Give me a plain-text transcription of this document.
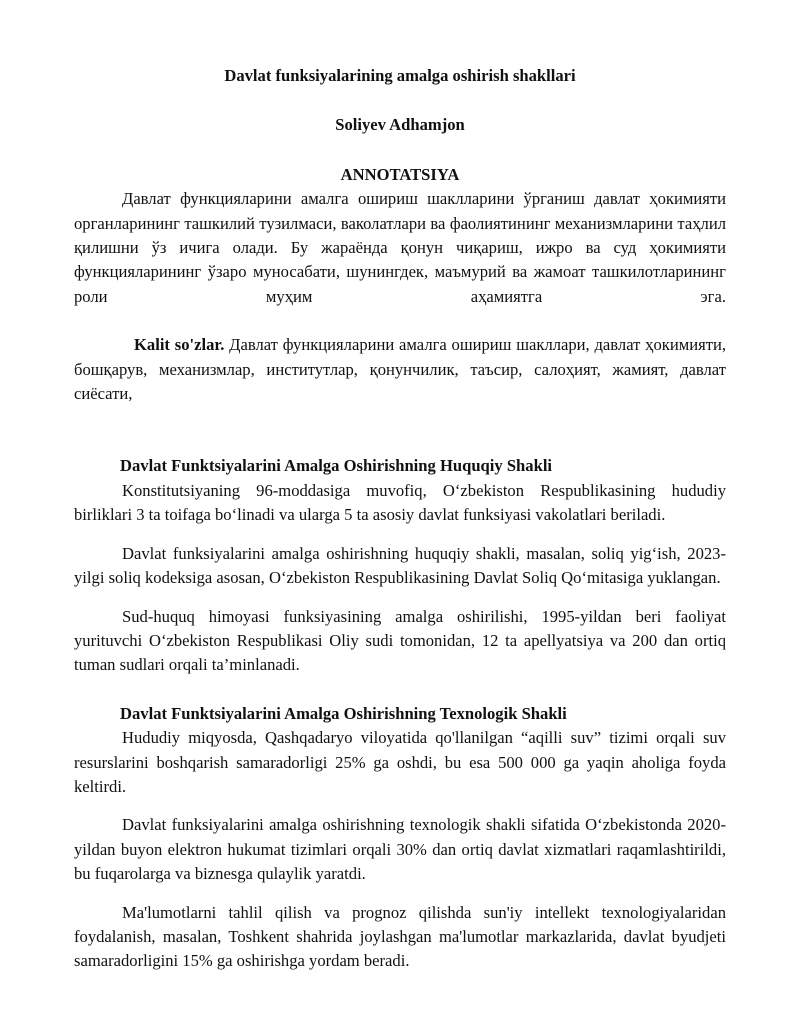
Davlat funksiyalarining amalga oshirish shakllari
Soliyev Adhamjon
ANNOTATSIYA

Давлат функцияларини амалга ошириш шаклларини ўрганиш давлат ҳокимияти органларининг ташкилий тузилмаси, ваколатлари ва фаолиятининг механизмларини таҳлил қилишни ўз ичига олади. Бу жараёнда қонун чиқариш, ижро ва суд ҳокимияти функцияларининг ўзаро муносабати, шунингдек, маъмурий ва жамоат ташкилотларининг роли муҳим аҳамиятга эга.

Kalit so'zlar. Давлат функцияларини амалга ошириш шакллари, давлат ҳокимияти, бошқарув, механизмлар, институтлар, қонунчилик, таъсир, салоҳият, жамият, давлат сиёсати,

Davlat Funktsiyalarini Amalga Oshirishning Huquqiy Shakli

Konstitutsiyaning 96-moddasiga muvofiq, O‘zbekiston Respublikasining hududiy birliklari 3 ta toifaga bo‘linadi va ularga 5 ta asosiy davlat funksiyasi vakolatlari beriladi.

Davlat funksiyalarini amalga oshirishning huquqiy shakli, masalan, soliq yig‘ish, 2023-yilgi soliq kodeksiga asosan, O‘zbekiston Respublikasining Davlat Soliq Qo‘mitasiga yuklangan.

Sud-huquq himoyasi funksiyasining amalga oshirilishi, 1995-yildan beri faoliyat yurituvchi O‘zbekiston Respublikasi Oliy sudi tomonidan, 12 ta apellyatsiya va 200 dan ortiq tuman sudlari orqali ta’minlanadi.

Davlat Funktsiyalarini Amalga Oshirishning Texnologik Shakli

Hududiy miqyosda, Qashqadaryo viloyatida qo'llanilgan “aqilli suv” tizimi orqali suv resurslarini boshqarish samaradorligi 25% ga oshdi, bu esa 500 000 ga yaqin aholiga foyda keltirdi.

Davlat funksiyalarini amalga oshirishning texnologik shakli sifatida O‘zbekistonda 2020-yildan buyon elektron hukumat tizimlari orqali 30% dan ortiq davlat xizmatlari raqamlashtirildi, bu fuqarolarga va biznesga qulaylik yaratdi.

Ma'lumotlarni tahlil qilish va prognoz qilishda sun'iy intellekt texnologiyalaridan foydalanish, masalan, Toshkent shahrida joylashgan ma'lumotlar markazlarida, davlat byudjeti samaradorligini 15% ga oshirishga yordam beradi.
